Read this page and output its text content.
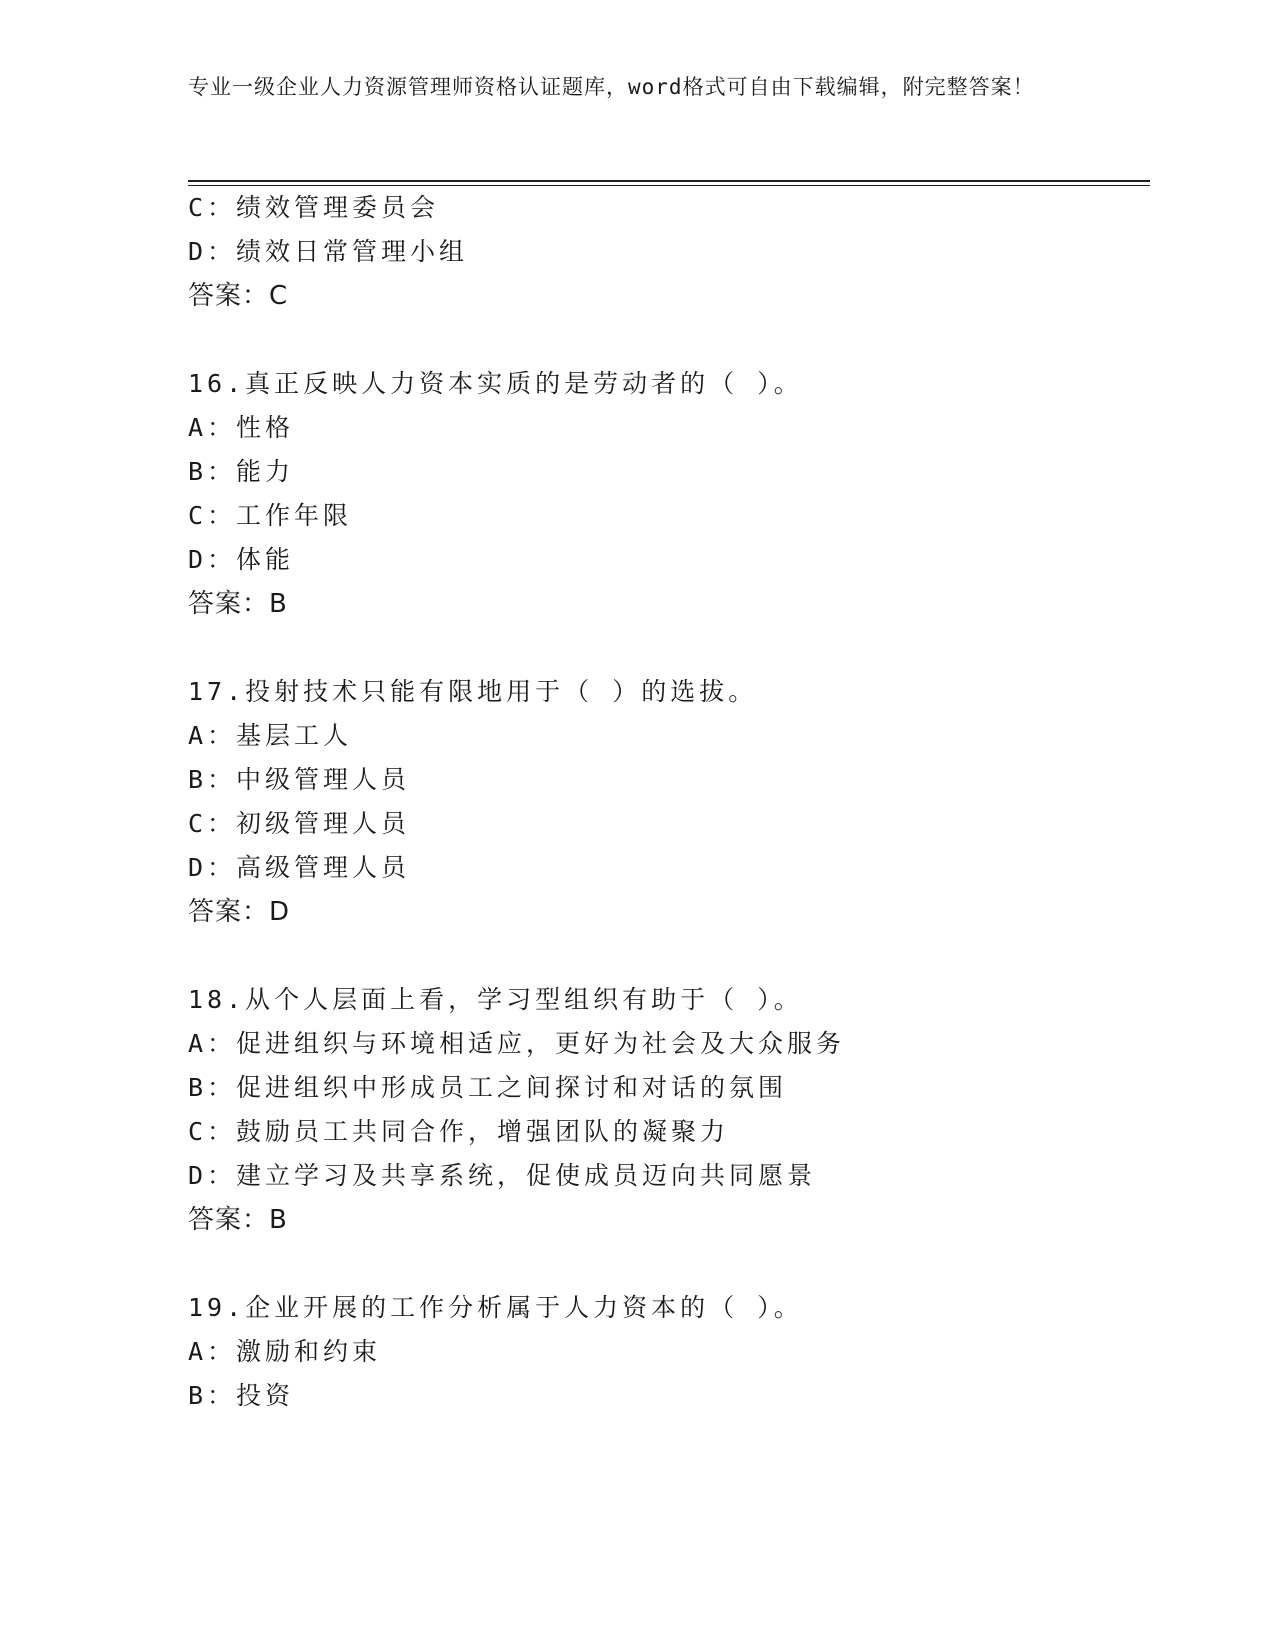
专业一级企业人力资源管理师资格认证题库，word格式可自由下载编辑，附完整答案！
C：绩效管理委员会
D：绩效日常管理小组
答案：C
16.真正反映人力资本实质的是劳动者的（ ）。
A：性格
B：能力
C：工作年限
D：体能
答案：B
17.投射技术只能有限地用于（ ）的选拔。
A：基层工人
B：中级管理人员
C：初级管理人员
D：高级管理人员
答案：D
18.从个人层面上看，学习型组织有助于（ ）。
A：促进组织与环境相适应，更好为社会及大众服务
B：促进组织中形成员工之间探讨和对话的氛围
C：鼓励员工共同合作，增强团队的凝聚力
D：建立学习及共享系统，促使成员迈向共同愿景
答案：B
19.企业开展的工作分析属于人力资本的（ ）。
A：激励和约束
B：投资
